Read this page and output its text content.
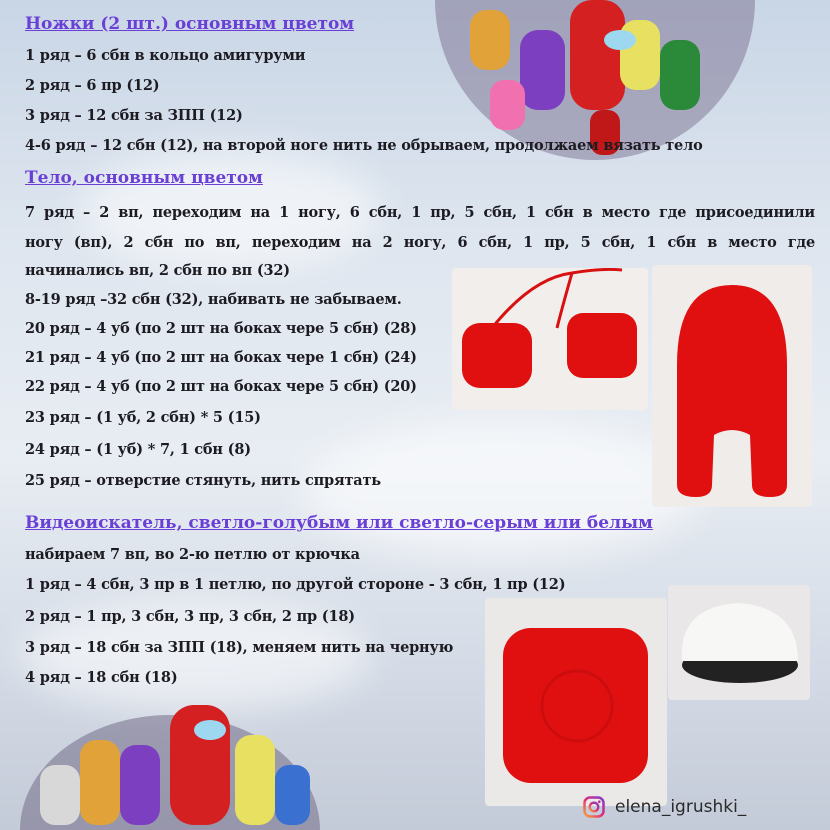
Ножки (2 шт.) основным цветом
1 ряд – 6 сбн в кольцо амигуруми
2 ряд – 6 пр (12)
3 ряд – 12 сбн за ЗПП (12)
4-6 ряд – 12 сбн (12), на второй ноге нить не обрываем, продолжаем вязать тело
Тело, основным цветом
7 ряд – 2 вп, переходим на 1 ногу, 6 сбн, 1 пр, 5 сбн, 1 сбн в место где присоединили
ногу (вп), 2 сбн по вп, переходим на 2 ногу, 6 сбн, 1 пр, 5 сбн, 1 сбн в место где
начинались вп, 2 сбн по вп (32)
8-19 ряд –32 сбн (32), набивать не забываем.
20 ряд – 4 уб (по 2 шт на боках чере 5 сбн) (28)
21 ряд – 4 уб (по 2 шт на боках чере 1 сбн) (24)
22 ряд – 4 уб (по 2 шт на боках чере 5 сбн) (20)
23 ряд – (1 уб, 2 сбн) * 5 (15)
24 ряд – (1 уб) * 7, 1 сбн (8)
25 ряд – отверстие стянуть, нить спрятать
Видеоискатель, светло-голубым или светло-серым или белым
набираем 7 вп, во 2-ю петлю от крючка
1 ряд – 4 сбн, 3 пр в 1 петлю, по другой стороне - 3 сбн, 1 пр (12)
2 ряд – 1 пр, 3 сбн, 3 пр, 3 сбн, 2 пр (18)
3 ряд – 18 сбн за ЗПП (18), меняем нить на черную
4 ряд – 18 сбн (18)
elena_igrushki_
